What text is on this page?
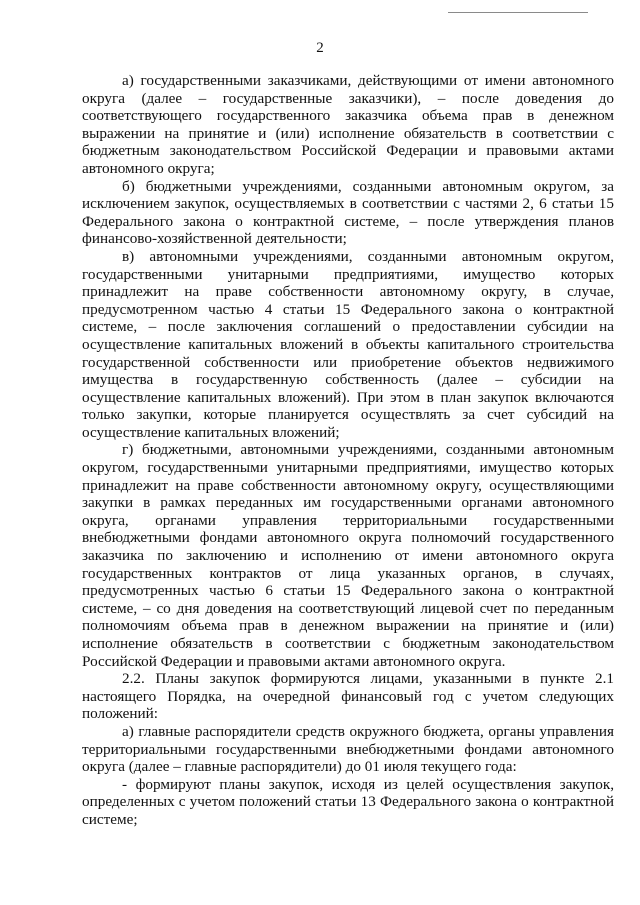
2

а) государственными заказчиками, действующими от имени автономного округа (далее – государственные заказчики), – после доведения до соответствующего государственного заказчика объема прав в денежном выражении на принятие и (или) исполнение обязательств в соответствии с бюджетным законодательством Российской Федерации и правовыми актами автономного округа;

б) бюджетными учреждениями, созданными автономным округом, за исключением закупок, осуществляемых в соответствии с частями 2, 6 статьи 15 Федерального закона о контрактной системе, – после утверждения планов финансово-хозяйственной деятельности;

в) автономными учреждениями, созданными автономным округом, государственными унитарными предприятиями, имущество которых принадлежит на праве собственности автономному округу, в случае, предусмотренном частью 4 статьи 15 Федерального закона о контрактной системе, – после заключения соглашений о предоставлении субсидии на осуществление капитальных вложений в объекты капитального строительства государственной собственности или приобретение объектов недвижимого имущества в государственную собственность (далее – субсидии на осуществление капитальных вложений). При этом в план закупок включаются только закупки, которые планируется осуществлять за счет субсидий на осуществление капитальных вложений;

г) бюджетными, автономными учреждениями, созданными автономным округом, государственными унитарными предприятиями, имущество которых принадлежит на праве собственности автономному округу, осуществляющими закупки в рамках переданных им государственными органами автономного округа, органами управления территориальными государственными внебюджетными фондами автономного округа полномочий государственного заказчика по заключению и исполнению от имени автономного округа государственных контрактов от лица указанных органов, в случаях, предусмотренных частью 6 статьи 15 Федерального закона о контрактной системе, – со дня доведения на соответствующий лицевой счет по переданным полномочиям объема прав в денежном выражении на принятие и (или) исполнение обязательств в соответствии с бюджетным законодательством Российской Федерации и правовыми актами автономного округа.

2.2. Планы закупок формируются лицами, указанными в пункте 2.1 настоящего Порядка, на очередной финансовый год с учетом следующих положений:

а) главные распорядители средств окружного бюджета, органы управления территориальными государственными внебюджетными фондами автономного округа (далее – главные распорядители) до 01 июля текущего года:

- формируют планы закупок, исходя из целей осуществления закупок, определенных с учетом положений статьи 13 Федерального закона о контрактной системе;
